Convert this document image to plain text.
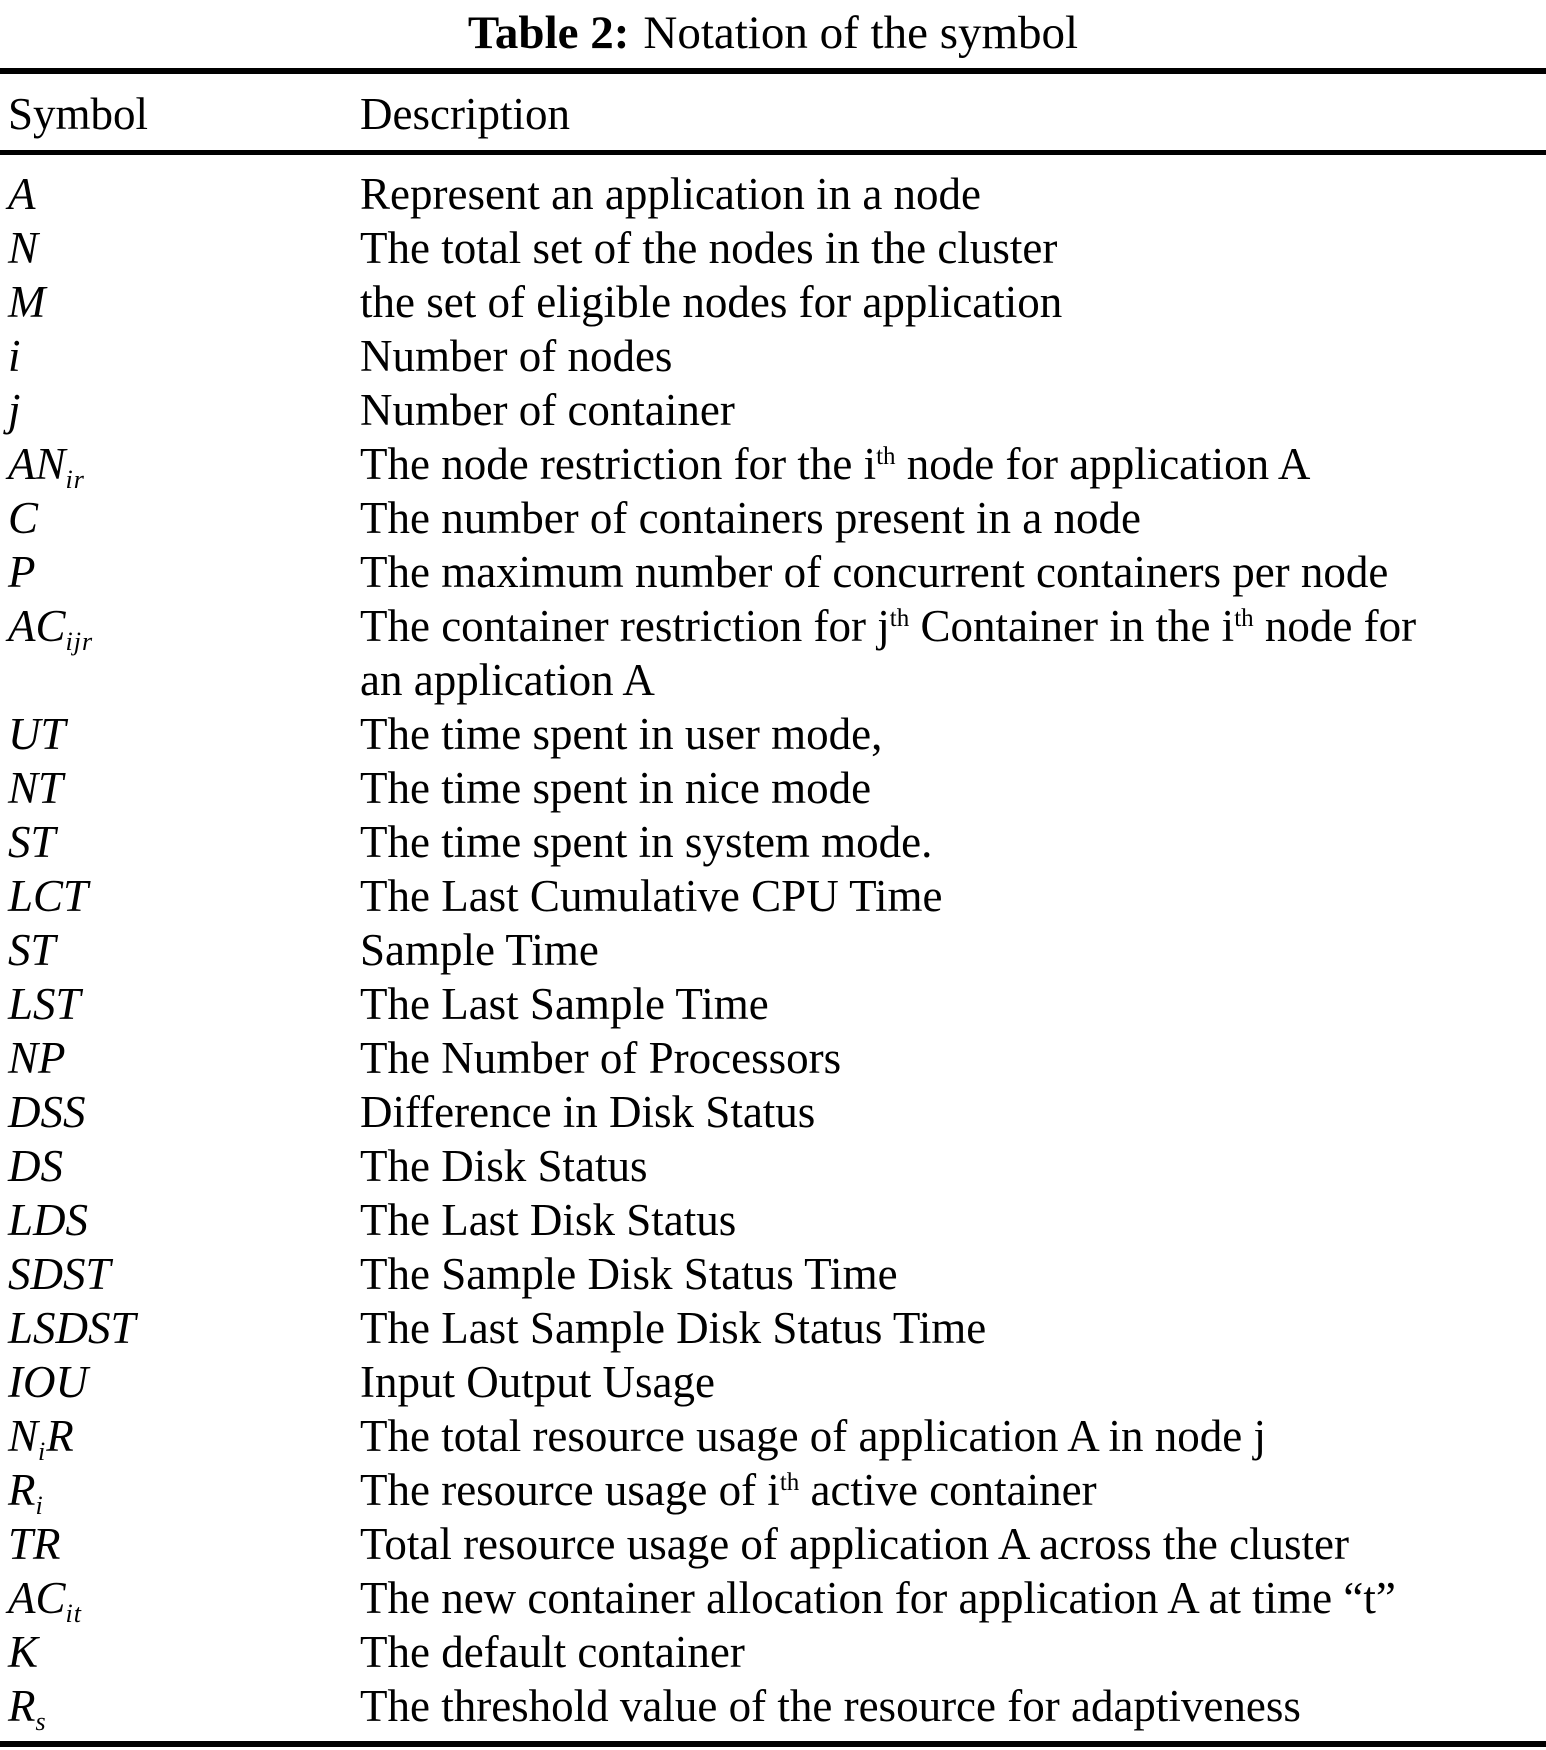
Table 2: Notation of the symbol
Symbol	Description
A	Represent an application in a node
N	The total set of the nodes in the cluster
M	the set of eligible nodes for application
i	Number of nodes
j	Number of container
$AN_{ir}$	The node restriction for the $i^{th}$ node for application A
C	The number of containers present in a node
P	The maximum number of concurrent containers per node
$AC_{ijr}$	The container restriction for $j^{th}$ Container in the $i^{th}$ node for
an application A
UT	The time spent in user mode,
NT	The time spent in nice mode
ST	The time spent in system mode.
LCT	The Last Cumulative CPU Time
ST	Sample Time
LST	The Last Sample Time
NP	The Number of Processors
DSS	Difference in Disk Status
DS	The Disk Status
LDS	The Last Disk Status
SDST	The Sample Disk Status Time
LSDST	The Last Sample Disk Status Time
IOU	Input Output Usage
$N_iR$	The total resource usage of application A in node j
$R_i$	The resource usage of $i^{th}$ active container
TR	Total resource usage of application A across the cluster
$AC_{it}$	The new container allocation for application A at time “t”
K	The default container
$R_s$	The threshold value of the resource for adaptiveness
